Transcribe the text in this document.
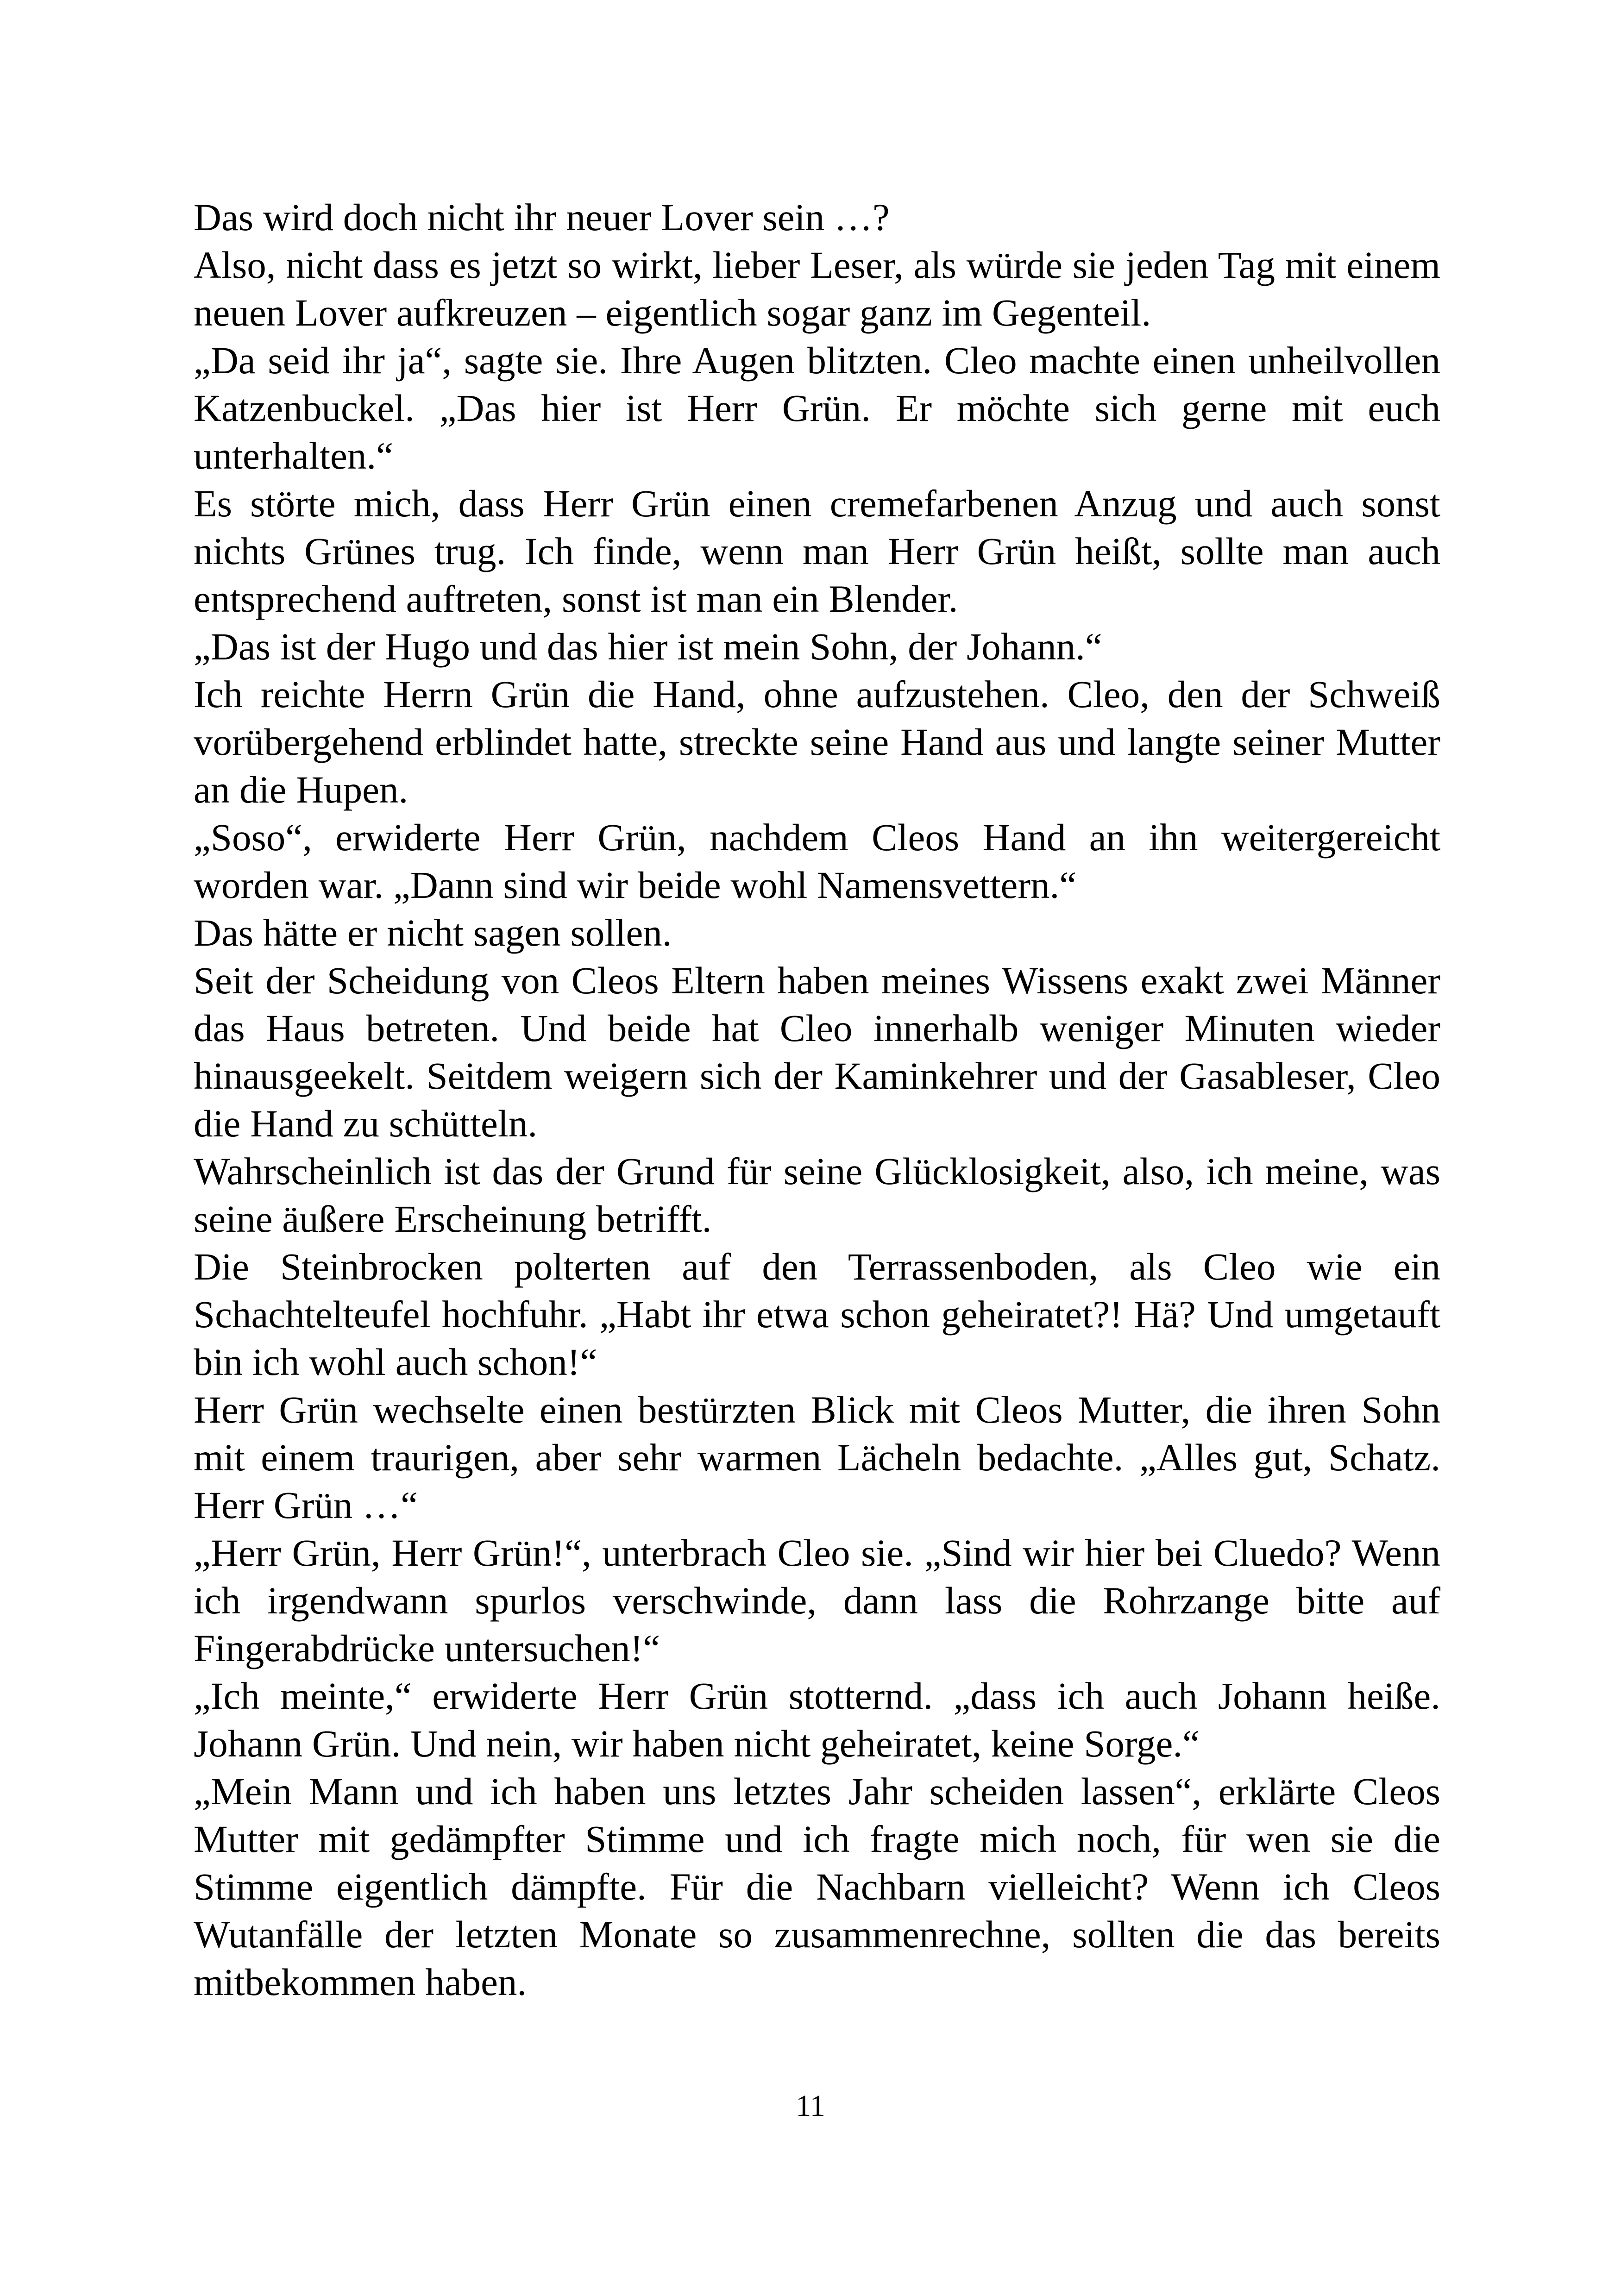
Das wird doch nicht ihr neuer Lover sein …?

Also, nicht dass es jetzt so wirkt, lieber Leser, als würde sie jeden Tag mit einem neuen Lover aufkreuzen – eigentlich sogar ganz im Gegenteil.

„Da seid ihr ja“, sagte sie. Ihre Augen blitzten. Cleo machte einen unheilvollen Katzenbuckel. „Das hier ist Herr Grün. Er möchte sich gerne mit euch unterhalten.“

Es störte mich, dass Herr Grün einen cremefarbenen Anzug und auch sonst nichts Grünes trug. Ich finde, wenn man Herr Grün heißt, sollte man auch entsprechend auftreten, sonst ist man ein Blender.

„Das ist der Hugo und das hier ist mein Sohn, der Johann.“

Ich reichte Herrn Grün die Hand, ohne aufzustehen. Cleo, den der Schweiß vorübergehend erblindet hatte, streckte seine Hand aus und langte seiner Mutter an die Hupen.

„Soso“, erwiderte Herr Grün, nachdem Cleos Hand an ihn weitergereicht worden war. „Dann sind wir beide wohl Namensvettern.“

Das hätte er nicht sagen sollen.

Seit der Scheidung von Cleos Eltern haben meines Wissens exakt zwei Männer das Haus betreten. Und beide hat Cleo innerhalb weniger Minuten wieder hinausgeekelt. Seitdem weigern sich der Kaminkehrer und der Gasableser, Cleo die Hand zu schütteln.

Wahrscheinlich ist das der Grund für seine Glücklosigkeit, also, ich meine, was seine äußere Erscheinung betrifft.

Die Steinbrocken polterten auf den Terrassenboden, als Cleo wie ein Schachtelteufel hochfuhr. „Habt ihr etwa schon geheiratet?! Hä? Und umgetauft bin ich wohl auch schon!“

Herr Grün wechselte einen bestürzten Blick mit Cleos Mutter, die ihren Sohn mit einem traurigen, aber sehr warmen Lächeln bedachte. „Alles gut, Schatz. Herr Grün …“

„Herr Grün, Herr Grün!“, unterbrach Cleo sie. „Sind wir hier bei Cluedo? Wenn ich irgendwann spurlos verschwinde, dann lass die Rohrzange bitte auf Fingerabdrücke untersuchen!“

„Ich meinte,“ erwiderte Herr Grün stotternd. „dass ich auch Johann heiße. Johann Grün. Und nein, wir haben nicht geheiratet, keine Sorge.“

„Mein Mann und ich haben uns letztes Jahr scheiden lassen“, erklärte Cleos Mutter mit gedämpfter Stimme und ich fragte mich noch, für wen sie die Stimme eigentlich dämpfte. Für die Nachbarn vielleicht? Wenn ich Cleos Wutanfälle der letzten Monate so zusammenrechne, sollten die das bereits mitbekommen haben.

11
